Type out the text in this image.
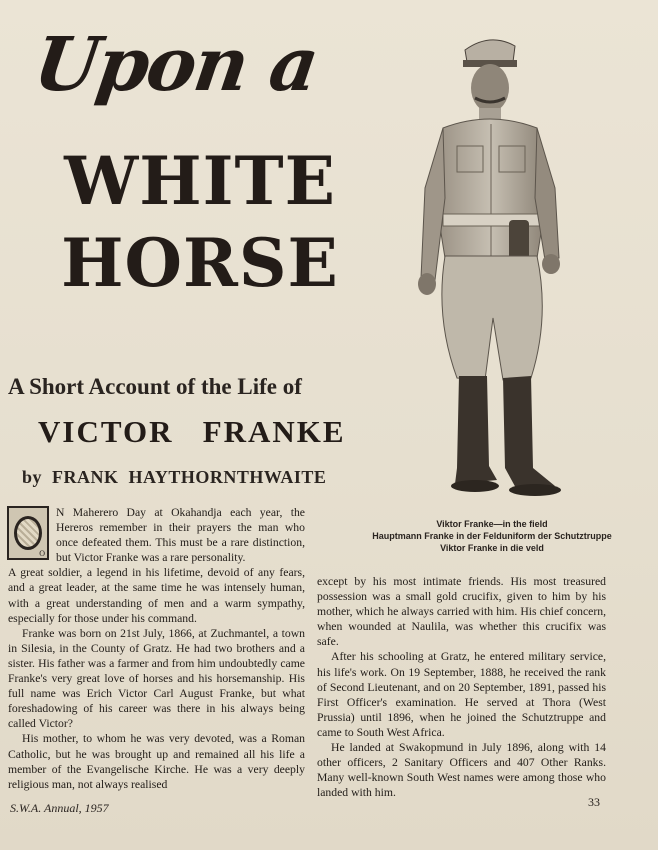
Upon a
WHITE
HORSE
A Short Account of the Life of
VICTOR   FRANKE
by  FRANK  HAYTHORNTHWAITE
Viktor Franke—in the field
Hauptmann Franke in der Felduniform der Schutztruppe
Viktor Franke in die veld
O
N Maherero Day at Okahandja each year, the Hereros remember in their prayers the man who once defeated them. This must be a rare distinction, but Victor Franke was a rare personality.

A great soldier, a legend in his lifetime, devoid of any fears, and a great leader, at the same time he was intensely human, with a great understanding of men and a warm sympathy, especially for those under his command.

Franke was born on 21st July, 1866, at Zuchmantel, a town in Silesia, in the County of Gratz. He had two brothers and a sister. His father was a farmer and from him undoubtedly came Franke's very great love of horses and his horsemanship. His full name was Erich Victor Carl August Franke, but what foreshadowing of his career was there in his always being called Victor?

His mother, to whom he was very devoted, was a Roman Catholic, but he was brought up and remained all his life a member of the Evangelische Kirche. He was a very deeply religious man, not always realised

except by his most intimate friends. His most treasured possession was a small gold crucifix, given to him by his mother, which he always carried with him. His chief concern, when wounded at Naulila, was whether this crucifix was safe.

After his schooling at Gratz, he entered military service, his life's work. On 19 September, 1888, he received the rank of Second Lieutenant, and on 20 September, 1891, passed his First Officer's examination. He served at Thora (West Prussia) until 1896, when he joined the Schutztruppe and came to South West Africa.

He landed at Swakopmund in July 1896, along with 14 other officers, 2 Sanitary Officers and 407 Other Ranks. Many well-known South West names were among those who landed with him.

S.W.A. Annual, 1957	33
